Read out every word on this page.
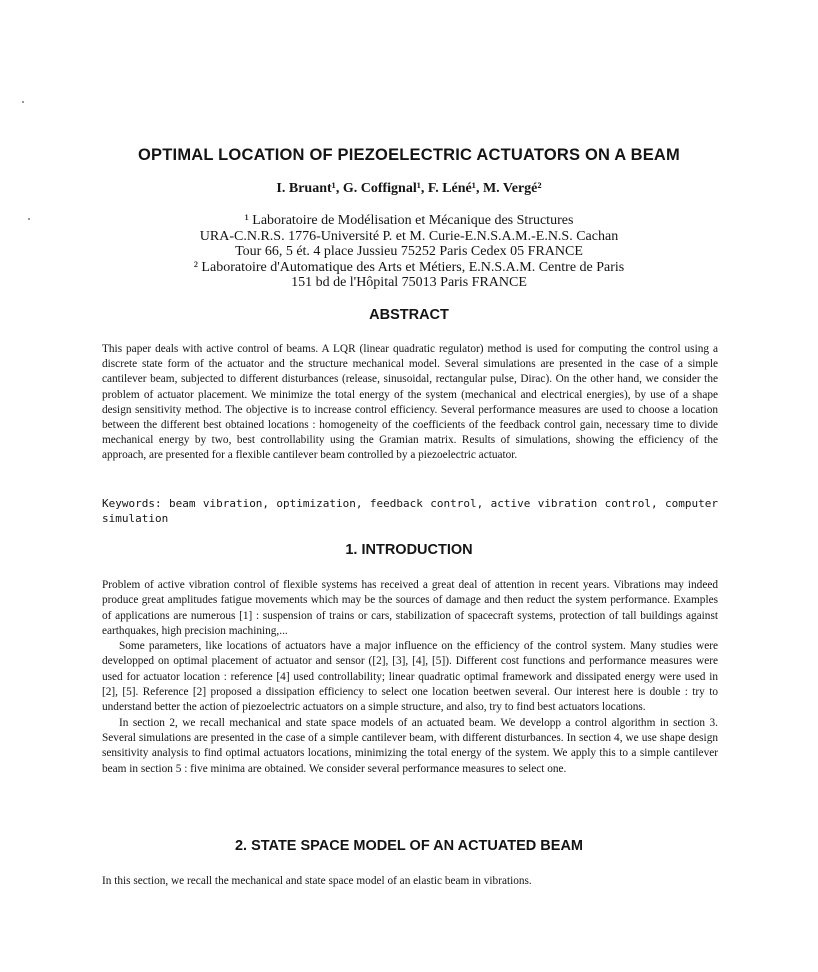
OPTIMAL LOCATION OF PIEZOELECTRIC ACTUATORS ON A BEAM
I. Bruant¹, G. Coffignal¹, F. Léné¹, M. Vergé²
¹ Laboratoire de Modélisation et Mécanique des Structures
URA-C.N.R.S. 1776-Université P. et M. Curie-E.N.S.A.M.-E.N.S. Cachan
Tour 66, 5 ét. 4 place Jussieu 75252 Paris Cedex 05 FRANCE
² Laboratoire d'Automatique des Arts et Métiers, E.N.S.A.M. Centre de Paris
151 bd de l'Hôpital 75013 Paris FRANCE
ABSTRACT
This paper deals with active control of beams. A LQR (linear quadratic regulator) method is used for computing the control using a discrete state form of the actuator and the structure mechanical model. Several simulations are presented in the case of a simple cantilever beam, subjected to different disturbances (release, sinusoidal, rectangular pulse, Dirac). On the other hand, we consider the problem of actuator placement. We minimize the total energy of the system (mechanical and electrical energies), by use of a shape design sensitivity method. The objective is to increase control efficiency. Several performance measures are used to choose a location between the different best obtained locations : homogeneity of the coefficients of the feedback control gain, necessary time to divide mechanical energy by two, best controllability using the Gramian matrix. Results of simulations, showing the efficiency of the approach, are presented for a flexible cantilever beam controlled by a piezoelectric actuator.
Keywords: beam vibration, optimization, feedback control, active vibration control, computer simulation
1. INTRODUCTION

Problem of active vibration control of flexible systems has received a great deal of attention in recent years. Vibrations may indeed produce great amplitudes fatigue movements which may be the sources of damage and then reduct the system performance. Examples of applications are numerous [1] : suspension of trains or cars, stabilization of spacecraft systems, protection of tall buildings against earthquakes, high precision machining,...

Some parameters, like locations of actuators have a major influence on the efficiency of the control system. Many studies were developped on optimal placement of actuator and sensor ([2], [3], [4], [5]). Different cost functions and performance measures were used for actuator location : reference [4] used controllability; linear quadratic optimal framework and dissipated energy were used in [2], [5]. Reference [2] proposed a dissipation efficiency to select one location beetwen several. Our interest here is double : try to understand better the action of piezoelectric actuators on a simple structure, and also, try to find best actuators locations.

In section 2, we recall mechanical and state space models of an actuated beam. We developp a control algorithm in section 3. Several simulations are presented in the case of a simple cantilever beam, with different disturbances. In section 4, we use shape design sensitivity analysis to find optimal actuators locations, minimizing the total energy of the system. We apply this to a simple cantilever beam in section 5 : five minima are obtained. We consider several performance measures to select one.

2. STATE SPACE MODEL OF AN ACTUATED BEAM
In this section, we recall the mechanical and state space model of an elastic beam in vibrations.
